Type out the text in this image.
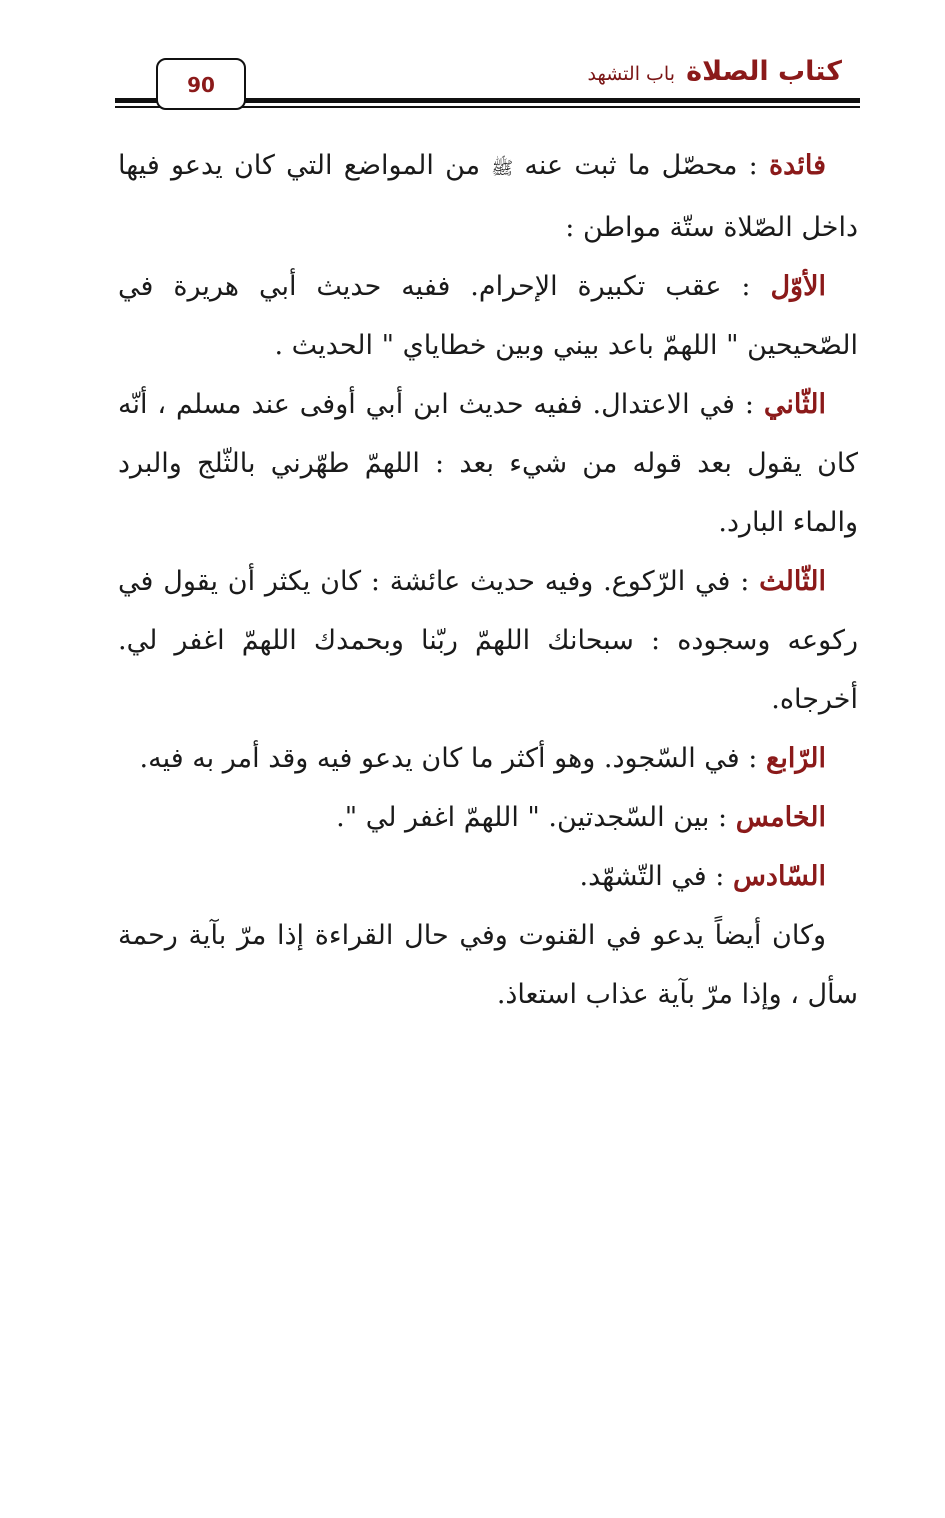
كتاب الصلاة
باب التشهد
90

فائدة : محصّل ما ثبت عنه ﷺ من المواضع التي كان يدعو فيها داخل الصّلاة ستّة مواطن :

الأوّل : عقب تكبيرة الإحرام. ففيه حديث أبي هريرة في الصّحيحين " اللهمّ باعد بيني وبين خطاياي " الحديث .

الثّاني : في الاعتدال. ففيه حديث ابن أبي أوفى عند مسلم ، أنّه كان يقول بعد قوله من شيء بعد : اللهمّ طهّرني بالثّلج والبرد والماء البارد.

الثّالث : في الرّكوع. وفيه حديث عائشة : كان يكثر أن يقول في ركوعه وسجوده : سبحانك اللهمّ ربّنا وبحمدك اللهمّ اغفر لي. أخرجاه.

الرّابع : في السّجود. وهو أكثر ما كان يدعو فيه وقد أمر به فيه.

الخامس : بين السّجدتين. " اللهمّ اغفر لي ".

السّادس : في التّشهّد.

وكان أيضاً يدعو في القنوت وفي حال القراءة إذا مرّ بآية رحمة سأل ، وإذا مرّ بآية عذاب استعاذ.
